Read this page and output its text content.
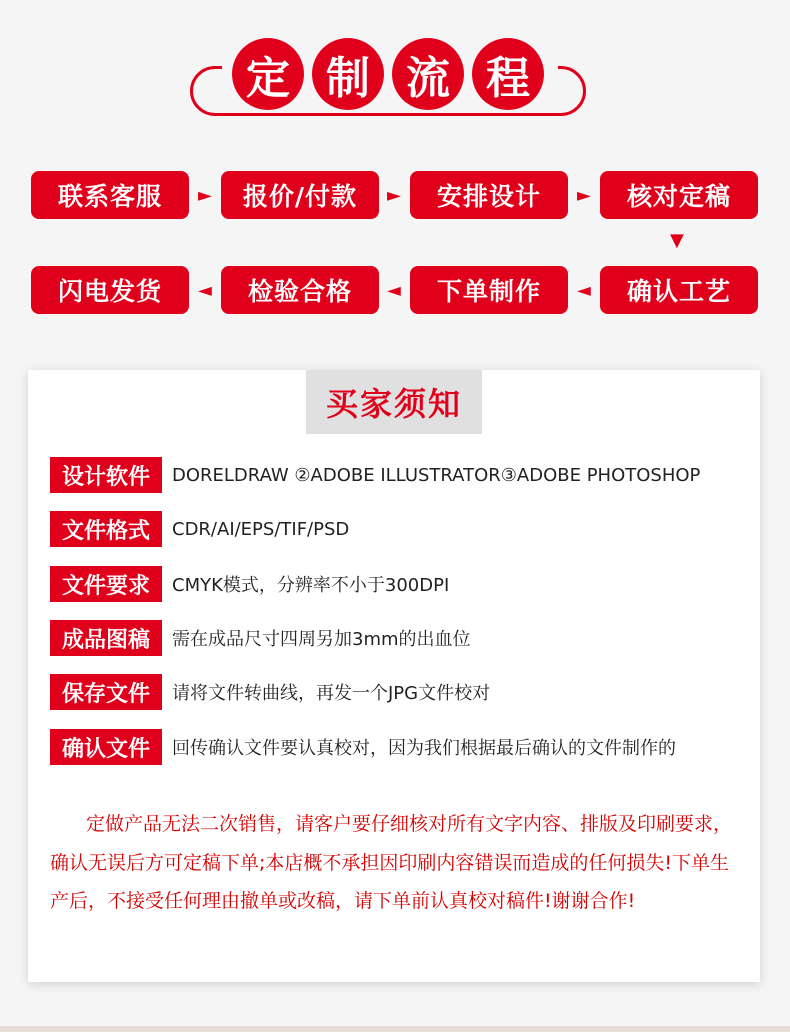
定 制 流 程
联系客服	►	报价/付款	►	安排设计	►	核对定稿
▼
确认工艺
◄
下单制作
◄
检验合格
◄
闪电发货
买家须知
设计软件	DORELDRAW ②ADOBE ILLUSTRATOR③ADOBE PHOTOSHOP
文件格式	CDR/AI/EPS/TIF/PSD
文件要求	CMYK模式，分辨率不小于300DPI
成品图稿	需在成品尺寸四周另加3mm的出血位
保存文件	请将文件转曲线，再发一个JPG文件校对
确认文件	回传确认文件要认真校对，因为我们根据最后确认的文件制作的
定做产品无法二次销售，请客户要仔细核对所有文字内容、排版及印刷要求，确认无误后方可定稿下单;本店概不承担因印刷内容错误而造成的任何损失!下单生产后，不接受任何理由撤单或改稿，请下单前认真校对稿件!谢谢合作!
